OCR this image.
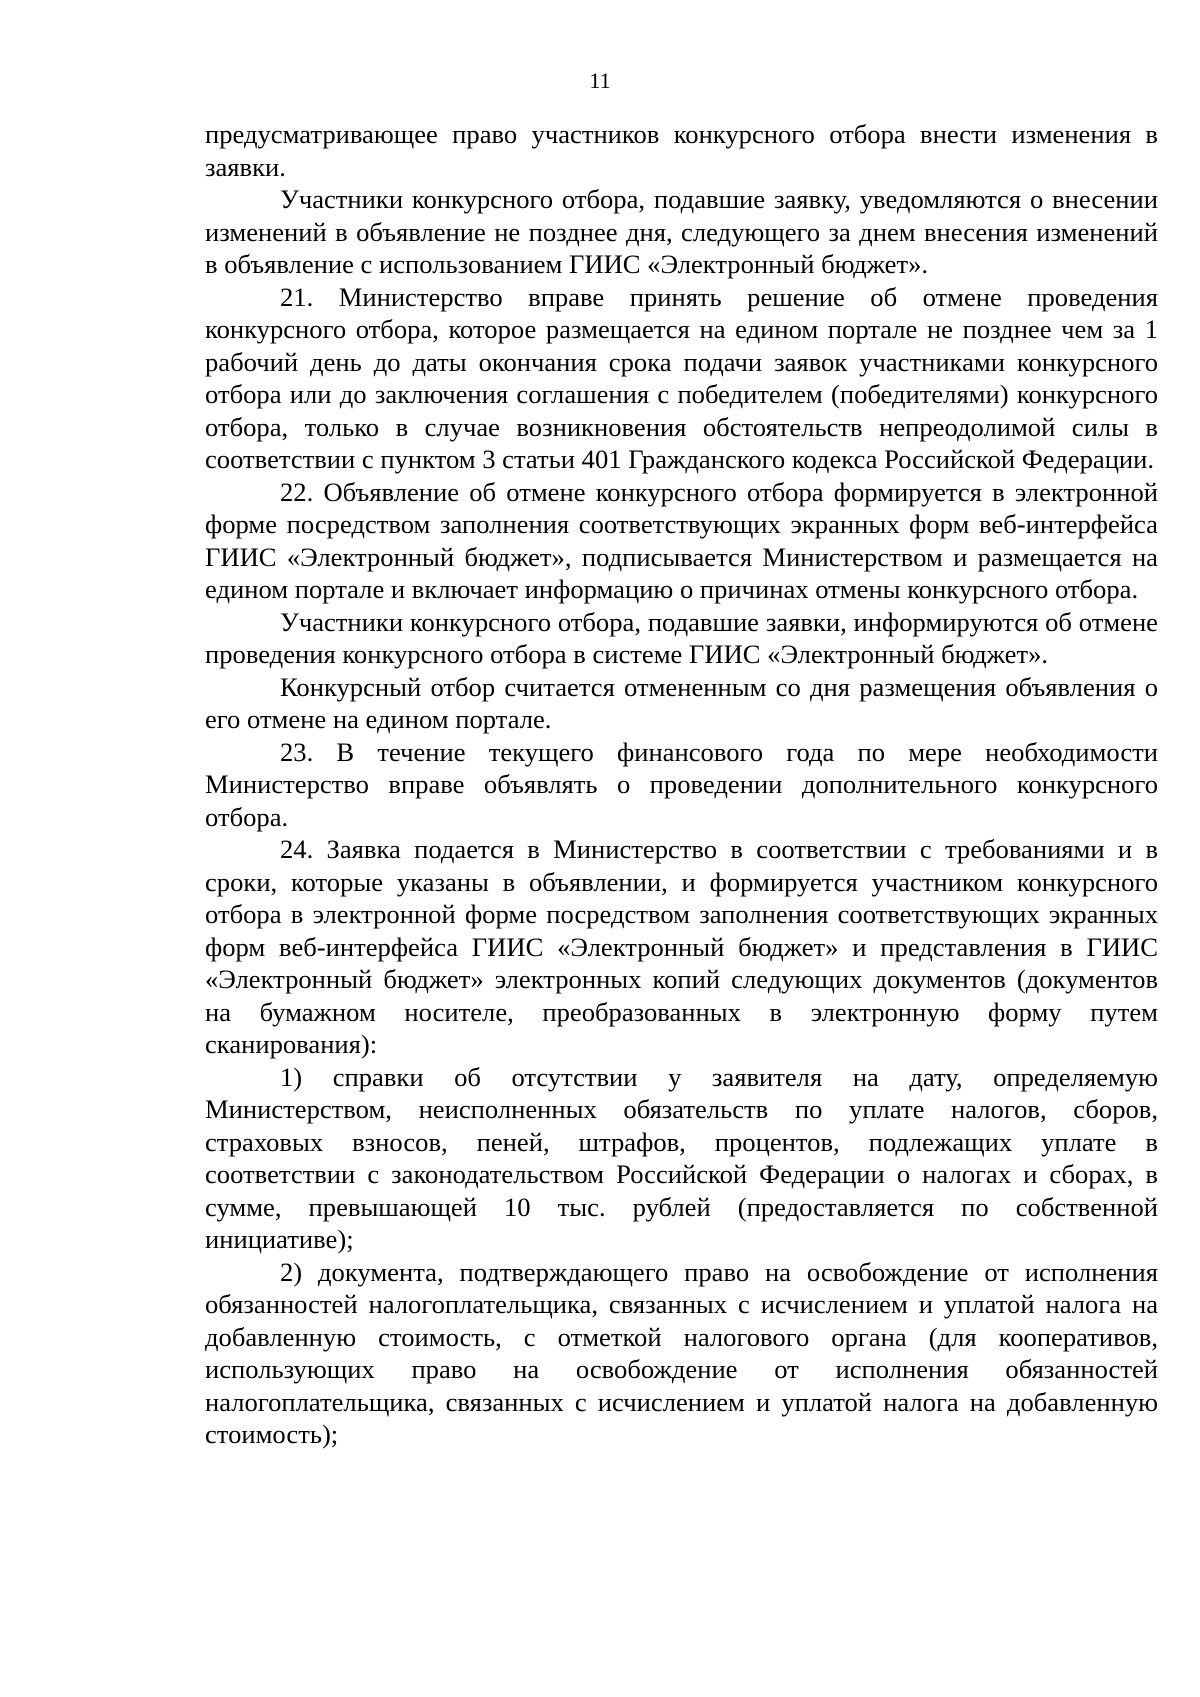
11

предусматривающее право участников конкурсного отбора внести изменения в заявки.

Участники конкурсного отбора, подавшие заявку, уведомляются о внесении изменений в объявление не позднее дня, следующего за днем внесения изменений в объявление с использованием ГИИС «Электронный бюджет».

21. Министерство вправе принять решение об отмене проведения конкурсного отбора, которое размещается на едином портале не позднее чем за 1 рабочий день до даты окончания срока подачи заявок участниками конкурсного отбора или до заключения соглашения с победителем (победителями) конкурсного отбора, только в случае возникновения обстоятельств непреодолимой силы в соответствии с пунктом 3 статьи 401 Гражданского кодекса Российской Федерации.

22. Объявление об отмене конкурсного отбора формируется в электронной форме посредством заполнения соответствующих экранных форм веб-интерфейса ГИИС «Электронный бюджет», подписывается Министерством и размещается на едином портале и включает информацию о причинах отмены конкурсного отбора.

Участники конкурсного отбора, подавшие заявки, информируются об отмене проведения конкурсного отбора в системе ГИИС «Электронный бюджет».

Конкурсный отбор считается отмененным со дня размещения объявления о его отмене на едином портале.

23. В течение текущего финансового года по мере необходимости Министерство вправе объявлять о проведении дополнительного конкурсного отбора.

24. Заявка подается в Министерство в соответствии с требованиями и в сроки, которые указаны в объявлении, и формируется участником конкурсного отбора в электронной форме посредством заполнения соответствующих экранных форм веб-интерфейса ГИИС «Электронный бюджет» и представления в ГИИС «Электронный бюджет» электронных копий следующих документов (документов на бумажном носителе, преобразованных в электронную форму путем сканирования):

1) справки об отсутствии у заявителя на дату, определяемую Министерством, неисполненных обязательств по уплате налогов, сборов, страховых взносов, пеней, штрафов, процентов, подлежащих уплате в соответствии с законодательством Российской Федерации о налогах и сборах, в сумме, превышающей 10 тыс. рублей (предоставляется по собственной инициативе);

2) документа, подтверждающего право на освобождение от исполнения обязанностей налогоплательщика, связанных с исчислением и уплатой налога на добавленную стоимость, с отметкой налогового органа (для кооперативов, использующих право на освобождение от исполнения обязанностей налогоплательщика, связанных с исчислением и уплатой налога на добавленную стоимость);
